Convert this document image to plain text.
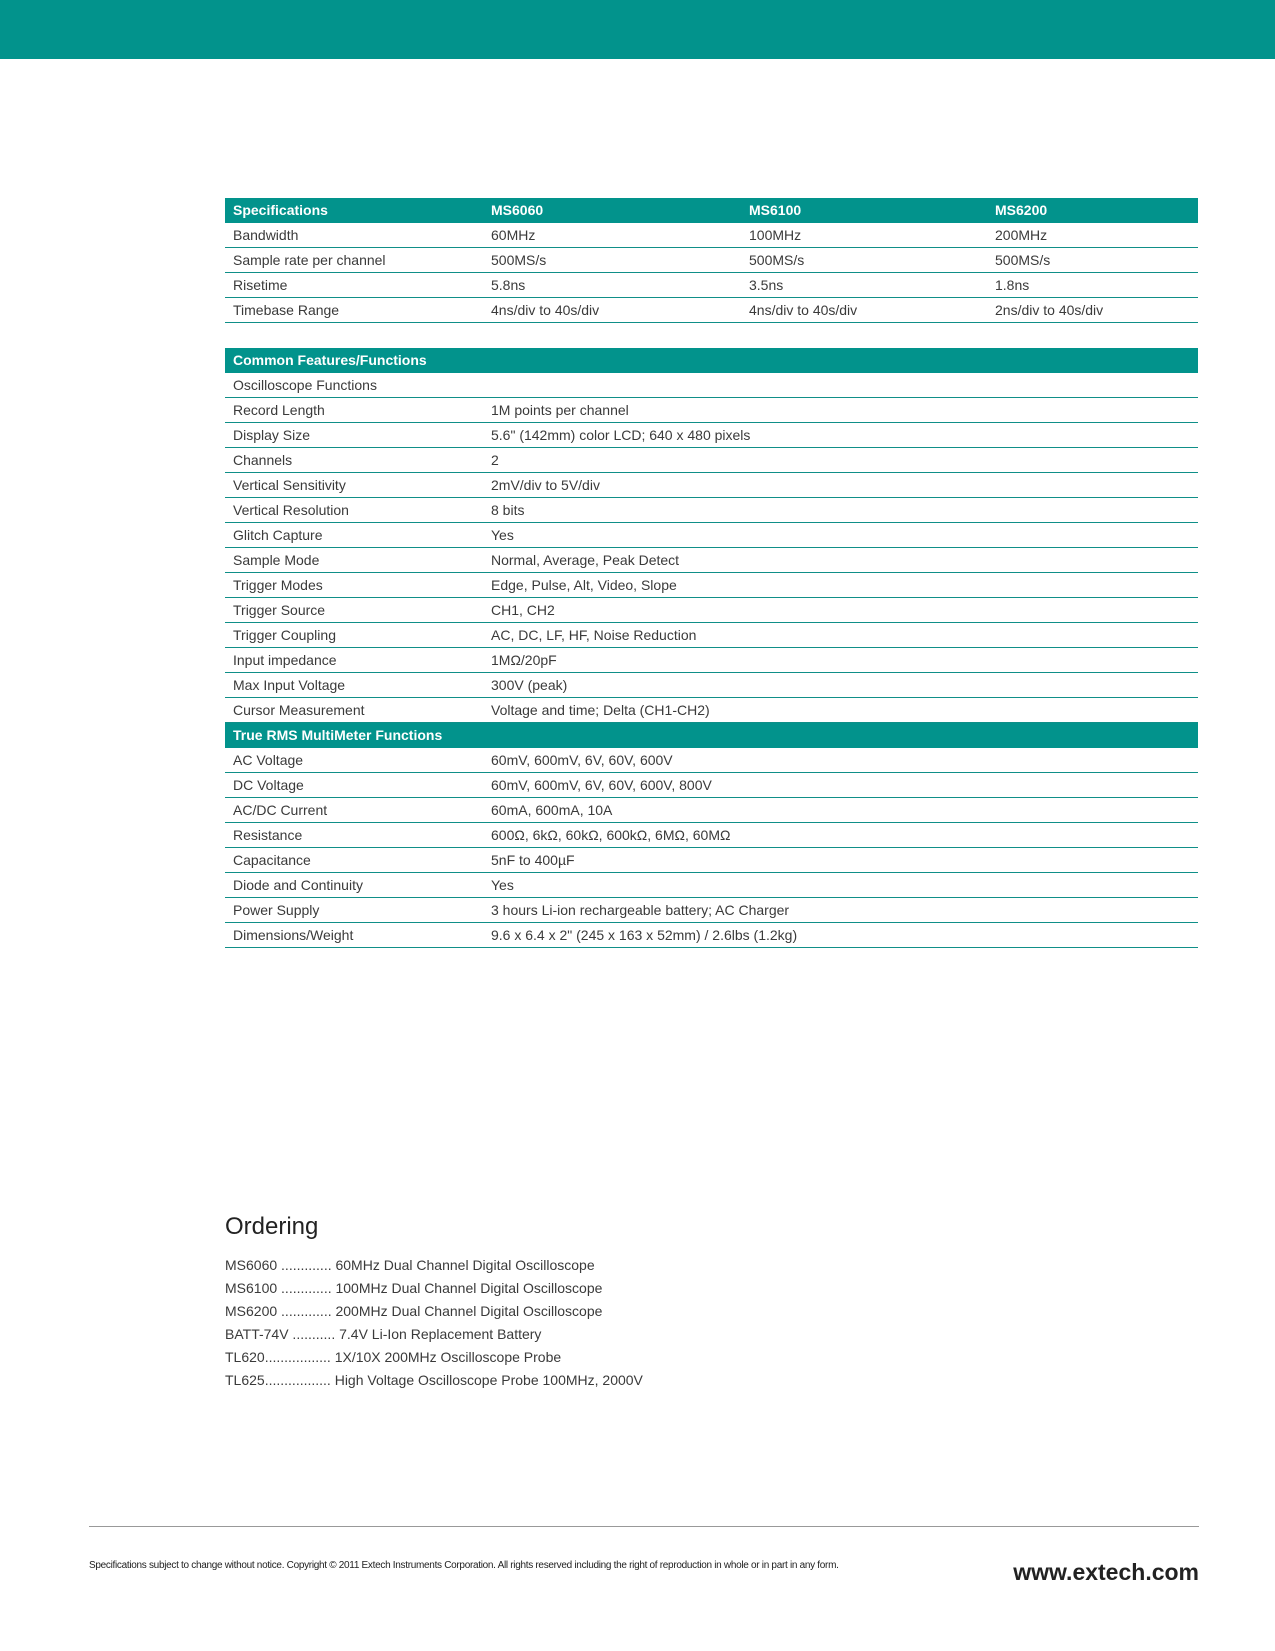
Specifications	MS6060	MS6100	MS6200
Bandwidth	60MHz	100MHz	200MHz
Sample rate per channel	500MS/s	500MS/s	500MS/s
Risetime	5.8ns	3.5ns	1.8ns
Timebase Range	4ns/div to 40s/div	4ns/div to 40s/div	2ns/div to 40s/div
Common Features/Functions
Oscilloscope Functions
Record Length	1M points per channel
Display Size	5.6" (142mm) color LCD; 640 x 480 pixels
Channels	2
Vertical Sensitivity	2mV/div to 5V/div
Vertical Resolution	8 bits
Glitch Capture	Yes
Sample Mode	Normal, Average, Peak Detect
Trigger Modes	Edge, Pulse, Alt, Video, Slope
Trigger Source	CH1, CH2
Trigger Coupling	AC, DC, LF, HF, Noise Reduction
Input impedance	1MΩ/20pF
Max Input Voltage	300V (peak)
Cursor Measurement	Voltage and time; Delta (CH1-CH2)
True RMS MultiMeter Functions
AC Voltage	60mV, 600mV, 6V, 60V, 600V
DC Voltage	60mV, 600mV, 6V, 60V, 600V, 800V
AC/DC Current	60mA, 600mA, 10A
Resistance	600Ω, 6kΩ, 60kΩ, 600kΩ, 6MΩ, 60MΩ
Capacitance	5nF to 400µF
Diode and Continuity	Yes
Power Supply	3 hours Li-ion rechargeable battery; AC Charger
Dimensions/Weight	9.6 x 6.4 x 2" (245 x 163 x 52mm) / 2.6lbs (1.2kg)
Ordering
MS6060 ............. 60MHz Dual Channel Digital Oscilloscope
MS6100 ............. 100MHz Dual Channel Digital Oscilloscope
MS6200 ............. 200MHz Dual Channel Digital Oscilloscope
BATT-74V ........... 7.4V Li-Ion Replacement Battery
TL620................. 1X/10X 200MHz Oscilloscope Probe
TL625................. High Voltage Oscilloscope Probe 100MHz, 2000V
Specifications subject to change without notice. Copyright © 2011 Extech Instruments Corporation. All rights reserved including the right of reproduction in whole or in part in any form.	www.extech.com
